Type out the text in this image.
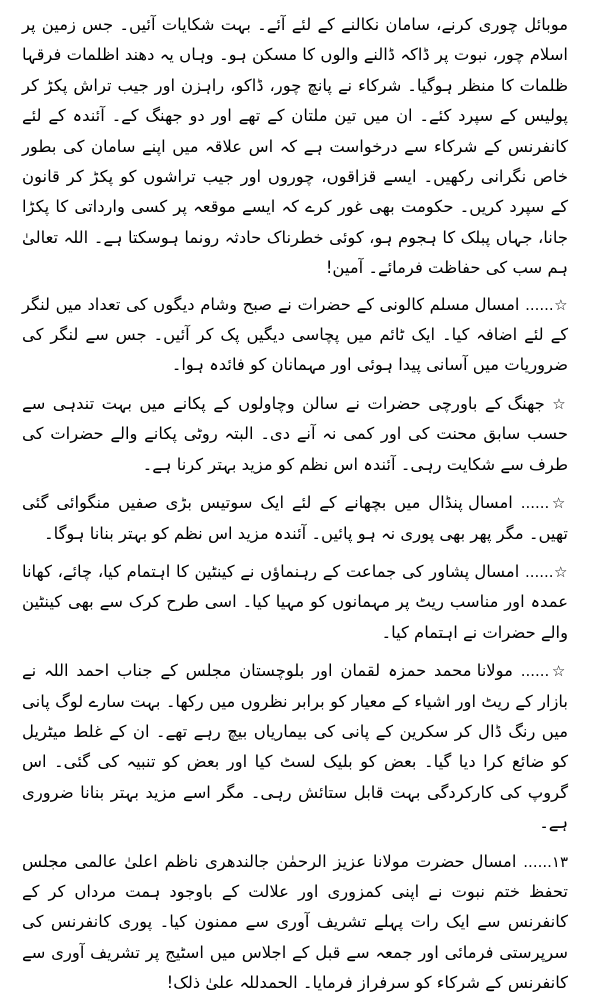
موبائل چوری کرنے، سامان نکالنے کے لئے آئے۔ بہت شکایات آئیں۔ جس زمین پر اسلام چور، نبوت پر ڈاکہ ڈالنے والوں کا مسکن ہو۔ وہاں یہ دھند اظلمات فرقہا ظلمات کا منظر ہوگیا۔ شرکاء نے پانچ چور، ڈاکو، راہزن اور جیب تراش پکڑ کر پولیس کے سپرد کئے۔ ان میں تین ملتان کے تھے اور دو جھنگ کے۔ آئندہ کے لئے کانفرنس کے شرکاء سے درخواست ہے کہ اس علاقہ میں اپنے سامان کی بطور خاص نگرانی رکھیں۔ ایسے قزاقوں، چوروں اور جیب تراشوں کو پکڑ کر قانون کے سپرد کریں۔ حکومت بھی غور کرے کہ ایسے موقعہ پر کسی وارداتی کا پکڑا جانا، جہاں پبلک کا ہجوم ہو، کوئی خطرناک حادثہ رونما ہوسکتا ہے۔ اللہ تعالیٰ ہم سب کی حفاظت فرمائے۔ آمین!

☆...... امسال مسلم کالونی کے حضرات نے صبح وشام دیگوں کی تعداد میں لنگر کے لئے اضافہ کیا۔ ایک ٹائم میں پچاسی دیگیں پک کر آئیں۔ جس سے لنگر کی ضروریات میں آسانی پیدا ہوئی اور مہمانان کو فائدہ ہوا۔

☆ جھنگ کے باورچی حضرات نے سالن وچاولوں کے پکانے میں بہت تندہی سے حسب سابق محنت کی اور کمی نہ آنے دی۔ البتہ روٹی پکانے والے حضرات کی طرف سے شکایت رہی۔ آئندہ اس نظم کو مزید بہتر کرنا ہے۔

☆...... امسال پنڈال میں بچھانے کے لئے ایک سوتیس بڑی صفیں منگوائی گئی تھیں۔ مگر پھر بھی پوری نہ ہو پائیں۔ آئندہ مزید اس نظم کو بہتر بنانا ہوگا۔

☆...... امسال پشاور کی جماعت کے رہنماؤں نے کینٹین کا اہتمام کیا، چائے، کھانا عمدہ اور مناسب ریٹ پر مہمانوں کو مہیا کیا۔ اسی طرح کرک سے بھی کینٹین والے حضرات نے اہتمام کیا۔

☆...... مولانا محمد حمزہ لقمان اور بلوچستان مجلس کے جناب احمد اللہ نے بازار کے ریٹ اور اشیاء کے معیار کو برابر نظروں میں رکھا۔ بہت سارے لوگ پانی میں رنگ ڈال کر سکرین کے پانی کی بیماریاں بیچ رہے تھے۔ ان کے غلط میٹریل کو ضائع کرا دیا گیا۔ بعض کو بلیک لسٹ کیا اور بعض کو تنبیہ کی گئی۔ اس گروپ کی کارکردگی بہت قابل ستائش رہی۔ مگر اسے مزید بہتر بنانا ضروری ہے۔

۱۳...... امسال حضرت مولانا عزیز الرحمٰن جالندھری ناظم اعلیٰ عالمی مجلس تحفظ ختم نبوت نے اپنی کمزوری اور علالت کے باوجود ہمت مرداں کر کے کانفرنس سے ایک رات پہلے تشریف آوری سے ممنون کیا۔ پوری کانفرنس کی سرپرستی فرمائی اور جمعہ سے قبل کے اجلاس میں اسٹیج پر تشریف آوری سے کانفرنس کے شرکاء کو سرفراز فرمایا۔ الحمدللہ علیٰ ذلک!
